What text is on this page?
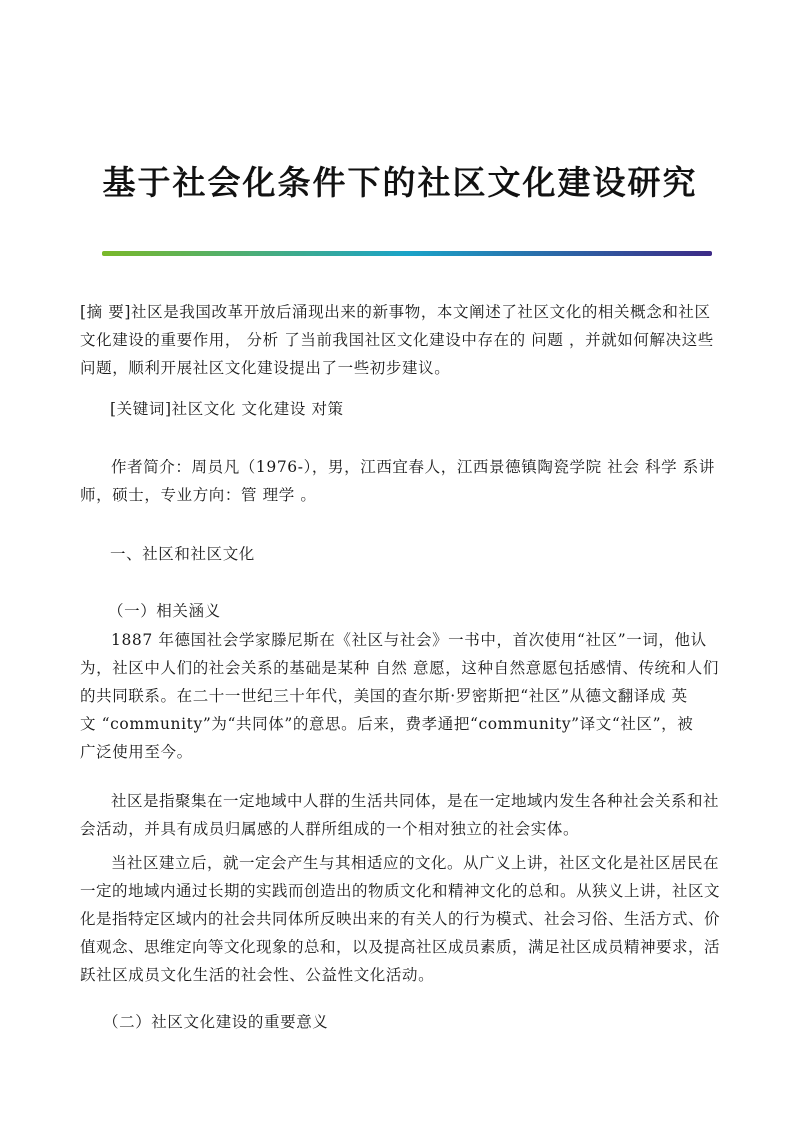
基于社会化条件下的社区文化建设研究
[摘 要]社区是我国改革开放后涌现出来的新事物，本文阐述了社区文化的相关概念和社区
文化建设的重要作用， 分析 了当前我国社区文化建设中存在的 问题 ，并就如何解决这些
问题，顺利开展社区文化建设提出了一些初步建议。
[关键词]社区文化 文化建设 对策
作者简介：周员凡（1976-），男，江西宜春人，江西景德镇陶瓷学院 社会 科学 系讲
师，硕士，专业方向：管 理学 。
一、社区和社区文化
（一）相关涵义
1887 年德国社会学家滕尼斯在《社区与社会》一书中，首次使用“社区”一词，他认
为，社区中人们的社会关系的基础是某种 自然 意愿，这种自然意愿包括感情、传统和人们
的共同联系。在二十一世纪三十年代，美国的查尔斯·罗密斯把“社区”从德文翻译成 英
文 “community”为“共同体”的意思。后来，费孝通把“community”译文“社区”，被
广泛使用至今。
社区是指聚集在一定地域中人群的生活共同体，是在一定地域内发生各种社会关系和社
会活动，并具有成员归属感的人群所组成的一个相对独立的社会实体。
当社区建立后，就一定会产生与其相适应的文化。从广义上讲，社区文化是社区居民在
一定的地域内通过长期的实践而创造出的物质文化和精神文化的总和。从狭义上讲，社区文
化是指特定区域内的社会共同体所反映出来的有关人的行为模式、社会习俗、生活方式、价
值观念、思维定向等文化现象的总和，以及提高社区成员素质，满足社区成员精神要求，活
跃社区成员文化生活的社会性、公益性文化活动。
（二）社区文化建设的重要意义
